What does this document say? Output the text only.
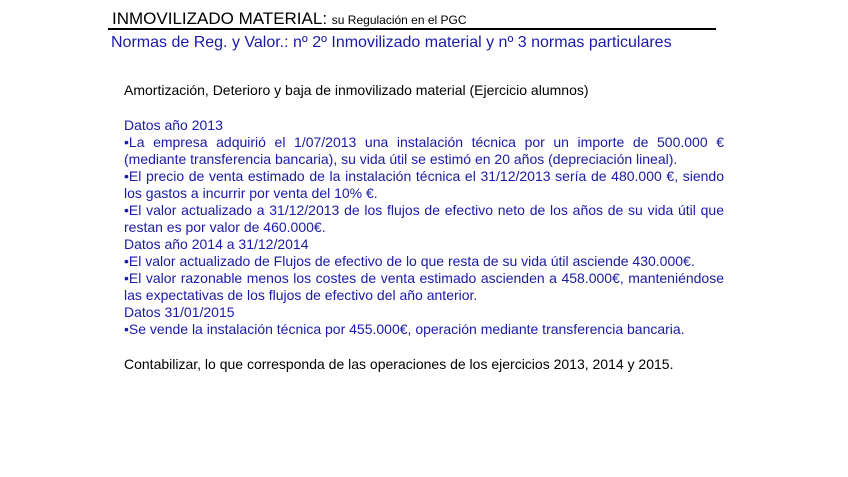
INMOVILIZADO MATERIAL: su Regulación en el PGC
Normas de Reg. y Valor.: nº 2º Inmovilizado material y nº 3 normas particulares

Amortización, Deterioro y baja de inmovilizado material (Ejercicio alumnos)

Datos año 2013

•La empresa adquirió el 1/07/2013 una instalación técnica por un importe de 500.000 € (mediante transferencia bancaria), su vida útil se estimó en 20 años (depreciación lineal).

•El precio de venta estimado de la instalación técnica el 31/12/2013 sería de 480.000 €, siendo los gastos a incurrir por venta del 10% €.

•El valor actualizado a 31/12/2013 de los flujos de efectivo neto de los años de su vida útil que restan es por valor de 460.000€.

Datos año 2014 a 31/12/2014

•El valor actualizado de Flujos de efectivo de lo que resta de su vida útil asciende 430.000€.

•El valor razonable menos los costes de venta estimado ascienden a 458.000€, manteniéndose las expectativas de los flujos de efectivo del año anterior.

Datos 31/01/2015

•Se vende la instalación técnica por 455.000€, operación mediante transferencia bancaria.

Contabilizar, lo que corresponda de las operaciones de los ejercicios 2013, 2014 y 2015.
